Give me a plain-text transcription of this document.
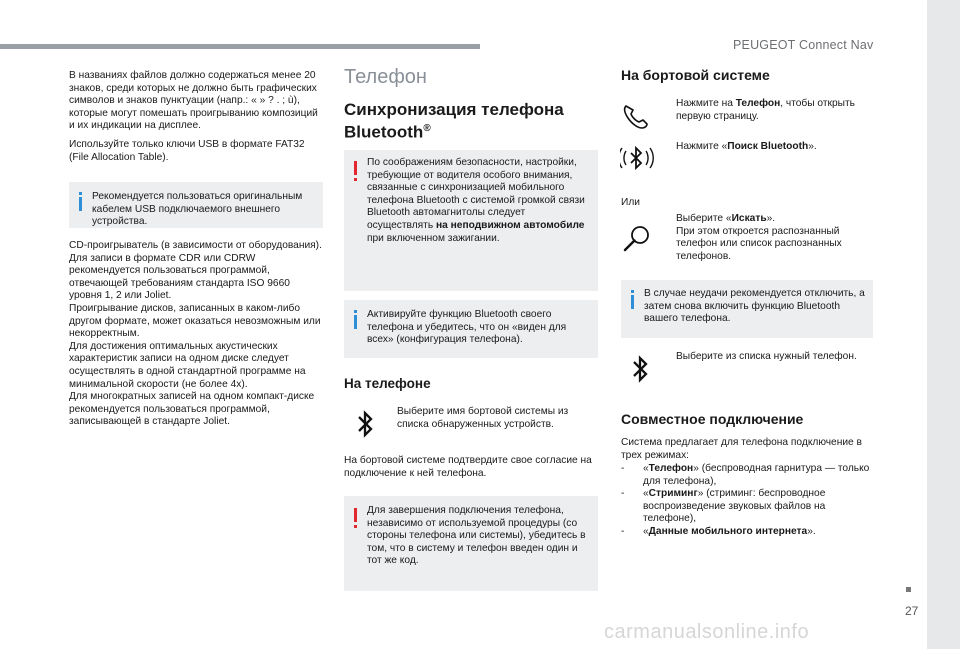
PEUGEOT Connect Nav
27
carmanualsonline.info

В названиях файлов должно содержаться менее 20 знаков, среди которых не должно быть графических символов и знаков пунктуации (напр.: « » ? . ; ù), которые могут помешать проигрыванию композиций и их индикации на дисплее.

Используйте только ключи USB в формате FAT32 (File Allocation Table).

Рекомендуется пользоваться оригинальным кабелем USB подключаемого внешнего устройства.

CD-проигрыватель (в зависимости от оборудования). Для записи в формате CDR или CDRW рекомендуется пользоваться программой, отвечающей требованиям стандарта ISO 9660 уровня 1, 2 или Joliet.

Проигрывание дисков, записанных в каком-либо другом формате, может оказаться невозможным или некорректным.

Для достижения оптимальных акустических характеристик записи на одном диске следует осуществлять в одной стандартной программе на минимальной скорости (не более 4x).

Для многократных записей на одном компакт-диске рекомендуется пользоваться программой, записывающей в стандарте Joliet.

Телефон
Синхронизация телефона
Bluetooth®

По соображениям безопасности, настройки, требующие от водителя особого внимания, связанные с синхронизацией мобильного телефона Bluetooth с системой громкой связи Bluetooth автомагнитолы следует осуществлять на неподвижном автомобиле при включенном зажигании.

Активируйте функцию Bluetooth своего телефона и убедитесь, что он «виден для всех» (конфигурация телефона).

На телефоне

Выберите имя бортовой системы из списка обнаруженных устройств.

На бортовой системе подтвердите свое согласие на подключение к ней телефона.

Для завершения подключения телефона, независимо от используемой процедуры (со стороны телефона или системы), убедитесь в том, что в систему и телефон введен один и тот же код.

На бортовой системе

Нажмите на Телефон, чтобы открыть первую страницу.

Нажмите «Поиск Bluetooth».

Или

Выберите «Искать».

При этом откроется распознанный телефон или список распознанных телефонов.

В случае неудачи рекомендуется отключить, а затем снова включить функцию Bluetooth вашего телефона.

Выберите из списка нужный телефон.

Совместное подключение

Система предлагает для телефона подключение в трех режимах:

- «Телефон» (беспроводная гарнитура — только для телефона),
- «Стриминг» (стриминг: беспроводное воспроизведение звуковых файлов на телефоне),
- «Данные мобильного интернета».
